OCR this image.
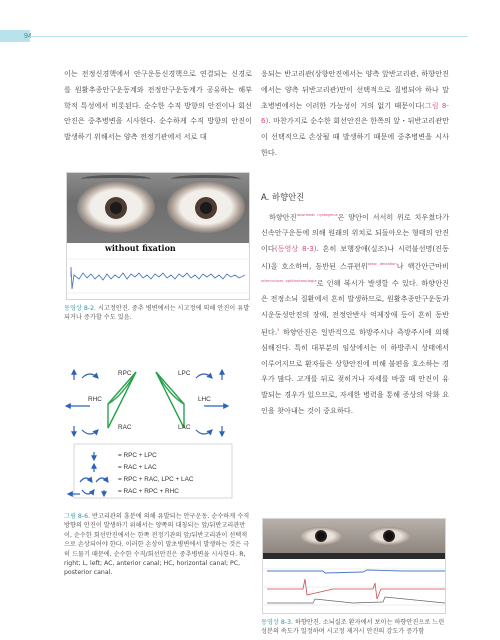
94

이는 전정신경핵에서 안구운동신경핵으로 연결되는 신경로를 원활추종안구운동계와 전정안구운동계가 공유하는 해부학적 특성에서 비롯된다. 순수한 수직 방향의 안진이나 회선안진은 중추병변을 시사한다. 순수하게 수직 방향의 안진이 발생하기 위해서는 양측 전정기관에서 서로 대

without fixation
동영상 8-2. 시고정안진. 중추 병변에서는 시고정에 의해 안진이 유발되거나 증가할 수도 있음.
RPC	LPC
RHC	LHC
RAC	LAC
= RPC + LPC
= RAC + LAC
= RPC + RAC, LPC + LAC
= RAC + RPC + RHC
그림 8-6. 반고리관의 흥분에 의해 유발되는 안구운동. 순수하게 수직 방향의 안진이 발생하기 위해서는 양쪽의 대칭되는 앞/뒤반고리관만이, 순수한 회선안진에서는 한쪽 전정기관의 앞/뒤반고리관이 선택적으로 손상되어야 한다. 이러한 손상이 말초병변에서 발생하는 것은 극히 드물기 때문에, 순수한 수직/회선안진은 중추병변을 시사한다. R, right; L, left; AC, anterior canal; HC, horizontal canal; PC, posterior canal.

응되는 반고리관(상향안진에서는 양측 앞반고리관, 하향안진에서는 양측 뒤반고리관)만이 선택적으로 질병되야 하나 말초병변에서는 이러한 가능성이 거의 없기 때문이다(그림 8-6). 마찬가지로 순수한 회선안진은 한쪽의 앞・뒤반고리관만이 선택적으로 손상될 때 발생하기 때문에 중추병변을 시사한다.

A. 하향안진

하향안진$^{downbeat nystagmus}$은 양안이 서서히 위로 치우쳤다가 신속안구운동에 의해 원래의 위치로 되돌아오는 형태의 안진이다(동영상 8-3). 흔히 보행장애(실조)나 시력불선명(진동시)을 호소하며, 동반된 스큐편위$^{skew deviation}$나 핵간안근마비$^{internuclear ophthalmoplegia}$로 인해 복시가 발생할 수 있다. 하향안진은 전정소뇌 질환에서 흔히 발생하므로, 원활추종안구운동과 시운동성안진의 장애, 전정안반사 억제장애 등이 흔히 동반된다.$^5$ 하향안진은 일반적으로 하방주시나 측방주시에 의해 심해진다. 특히 대부분의 임상에서는 이 하방주시 상태에서 이루어지므로 환자들은 상향안진에 비해 불편을 호소하는 경우가 많다. 고개를 뒤로 젖히거나 자세를 바꿀 때 안진이 유발되는 경우가 있으므로, 자세한 병력을 통해 증상의 악화 요인을 찾아내는 것이 중요하다.

동영상 8-3. 하향안진. 소뇌실조 환자에서 보이는 하향안진으로 느린성분의 속도가 일정하며 시고정 제거시 안진의 강도가 증가함
